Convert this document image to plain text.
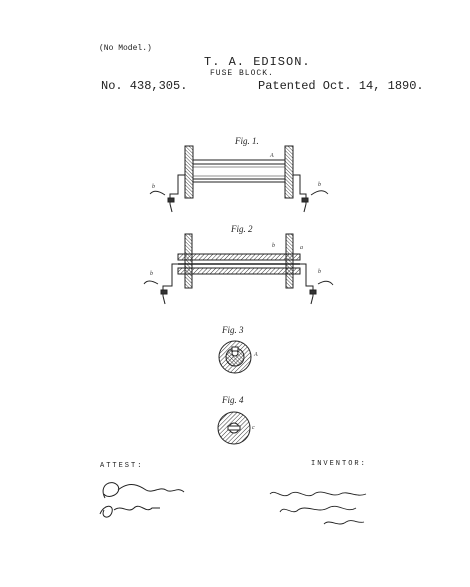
(No Model.)
T. A. EDISON.
FUSE BLOCK.
No. 438,305.	Patented Oct. 14, 1890.
Fig. 1.
Fig. 2
Fig. 3
Fig. 4
A
b	a
A
c
b	b
b	b
ATTEST:	INVENTOR:
